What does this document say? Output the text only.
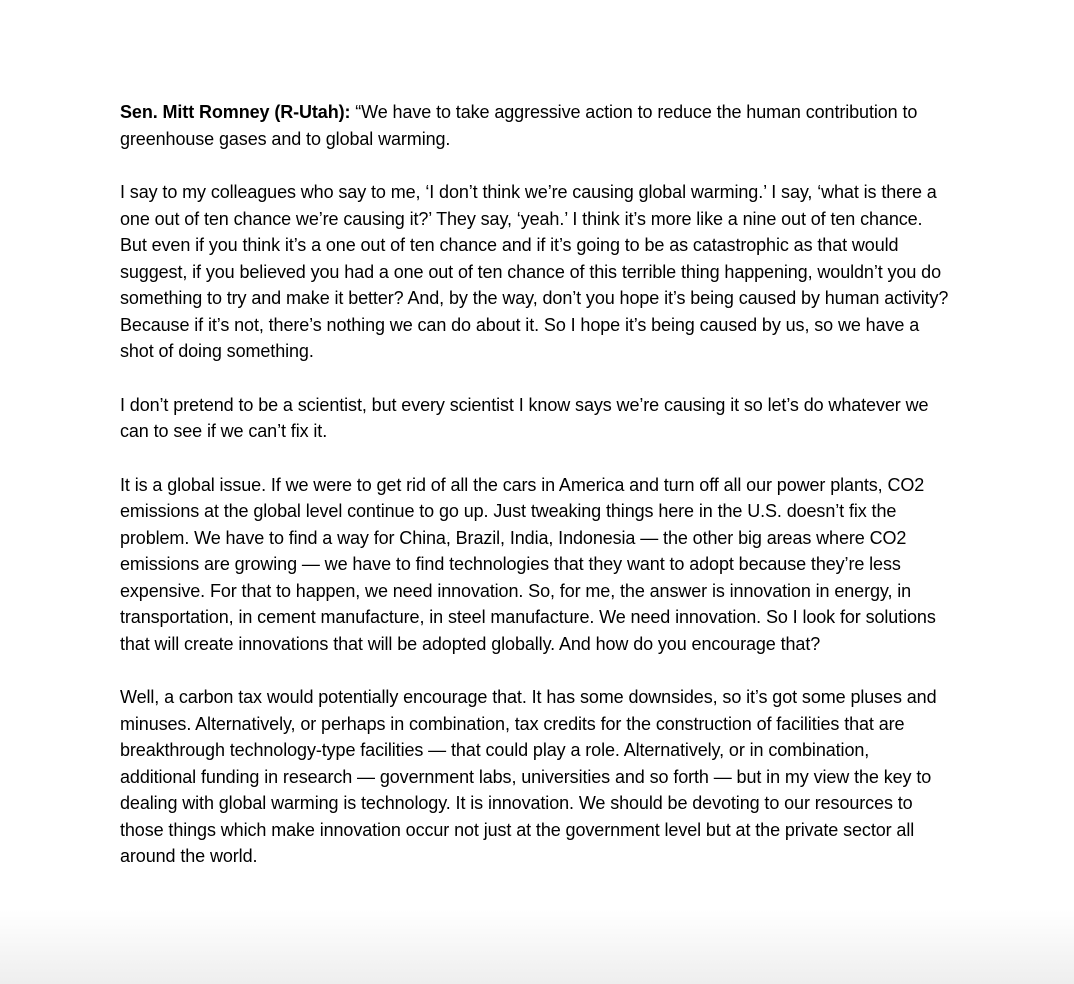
Sen. Mitt Romney (R-Utah): “We have to take aggressive action to reduce the human contribution to greenhouse gases and to global warming.

I say to my colleagues who say to me, ‘I don’t think we’re causing global warming.’ I say, ‘what is there a one out of ten chance we’re causing it?’ They say, ‘yeah.’ I think it’s more like a nine out of ten chance. But even if you think it’s a one out of ten chance and if it’s going to be as catastrophic as that would suggest, if you believed you had a one out of ten chance of this terrible thing happening, wouldn’t you do something to try and make it better? And, by the way, don’t you hope it’s being caused by human activity? Because if it’s not, there’s nothing we can do about it. So I hope it’s being caused by us, so we have a shot of doing something.

I don’t pretend to be a scientist, but every scientist I know says we’re causing it so let’s do whatever we can to see if we can’t fix it.

It is a global issue. If we were to get rid of all the cars in America and turn off all our power plants, CO2 emissions at the global level continue to go up. Just tweaking things here in the U.S. doesn’t fix the problem. We have to find a way for China, Brazil, India, Indonesia — the other big areas where CO2 emissions are growing — we have to find technologies that they want to adopt because they’re less expensive. For that to happen, we need innovation. So, for me, the answer is innovation in energy, in transportation, in cement manufacture, in steel manufacture. We need innovation. So I look for solutions that will create innovations that will be adopted globally. And how do you encourage that?

Well, a carbon tax would potentially encourage that. It has some downsides, so it’s got some pluses and minuses. Alternatively, or perhaps in combination, tax credits for the construction of facilities that are breakthrough technology-type facilities — that could play a role. Alternatively, or in combination, additional funding in research — government labs, universities and so forth — but in my view the key to dealing with global warming is technology. It is innovation. We should be devoting to our resources to those things which make innovation occur not just at the government level but at the private sector all around the world.
